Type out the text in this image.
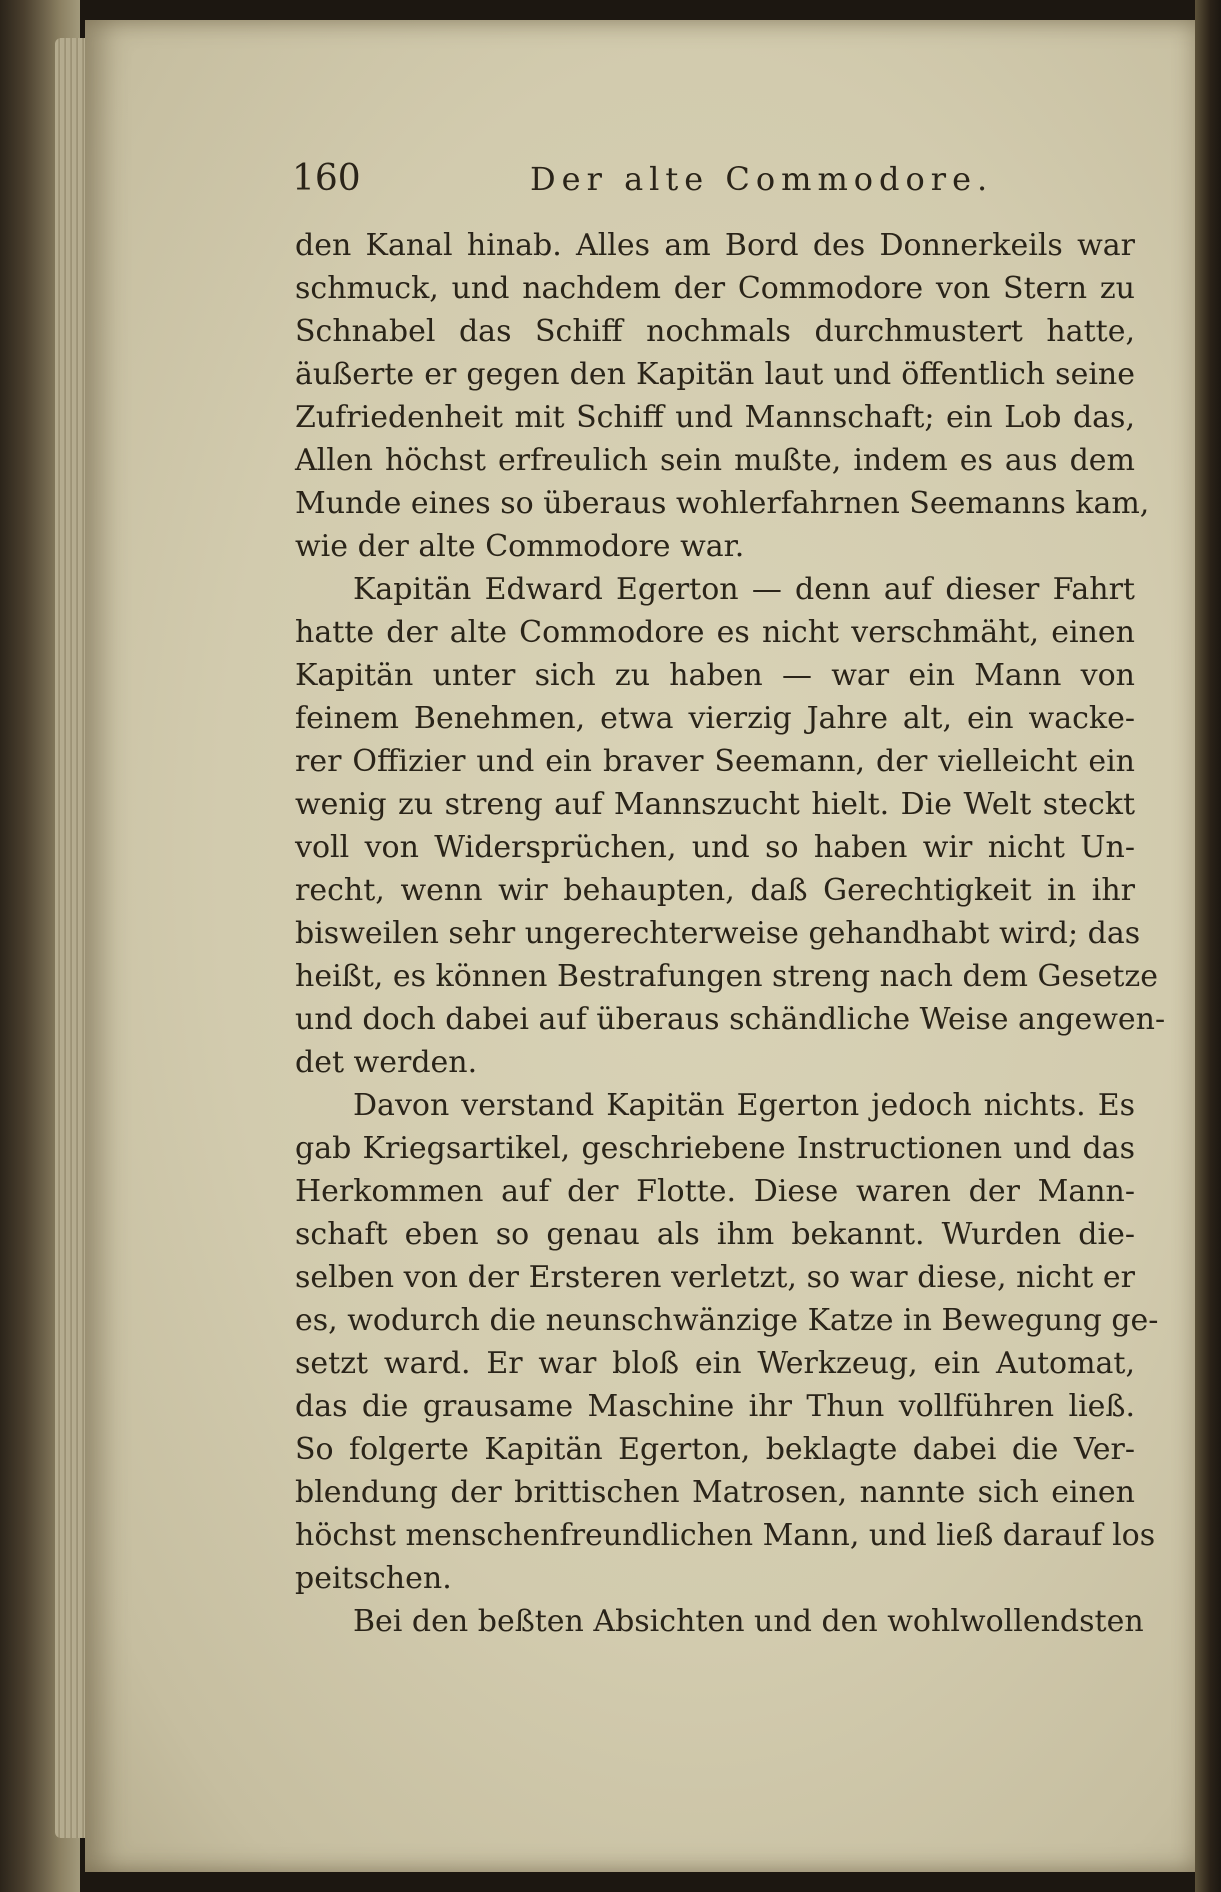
160	Der alte Commodore.
den Kanal hinab. Alles am Bord des Donnerkeils war
schmuck, und nachdem der Commodore von Stern zu
Schnabel das Schiff nochmals durchmustert hatte,
äußerte er gegen den Kapitän laut und öffentlich seine
Zufriedenheit mit Schiff und Mannschaft; ein Lob das,
Allen höchst erfreulich sein mußte, indem es aus dem
Munde eines so überaus wohlerfahrnen Seemanns kam,
wie der alte Commodore war.
Kapitän Edward Egerton — denn auf dieser Fahrt
hatte der alte Commodore es nicht verschmäht, einen
Kapitän unter sich zu haben — war ein Mann von
feinem Benehmen, etwa vierzig Jahre alt, ein wacke-
rer Offizier und ein braver Seemann, der vielleicht ein
wenig zu streng auf Mannszucht hielt. Die Welt steckt
voll von Widersprüchen, und so haben wir nicht Un-
recht, wenn wir behaupten, daß Gerechtigkeit in ihr
bisweilen sehr ungerechterweise gehandhabt wird; das
heißt, es können Bestrafungen streng nach dem Gesetze
und doch dabei auf überaus schändliche Weise angewen-
det werden.
Davon verstand Kapitän Egerton jedoch nichts. Es
gab Kriegsartikel, geschriebene Instructionen und das
Herkommen auf der Flotte. Diese waren der Mann-
schaft eben so genau als ihm bekannt. Wurden die-
selben von der Ersteren verletzt, so war diese, nicht er
es, wodurch die neunschwänzige Katze in Bewegung ge-
setzt ward. Er war bloß ein Werkzeug, ein Automat,
das die grausame Maschine ihr Thun vollführen ließ.
So folgerte Kapitän Egerton, beklagte dabei die Ver-
blendung der brittischen Matrosen, nannte sich einen
höchst menschenfreundlichen Mann, und ließ darauf los
peitschen.
Bei den beßten Absichten und den wohlwollendsten
